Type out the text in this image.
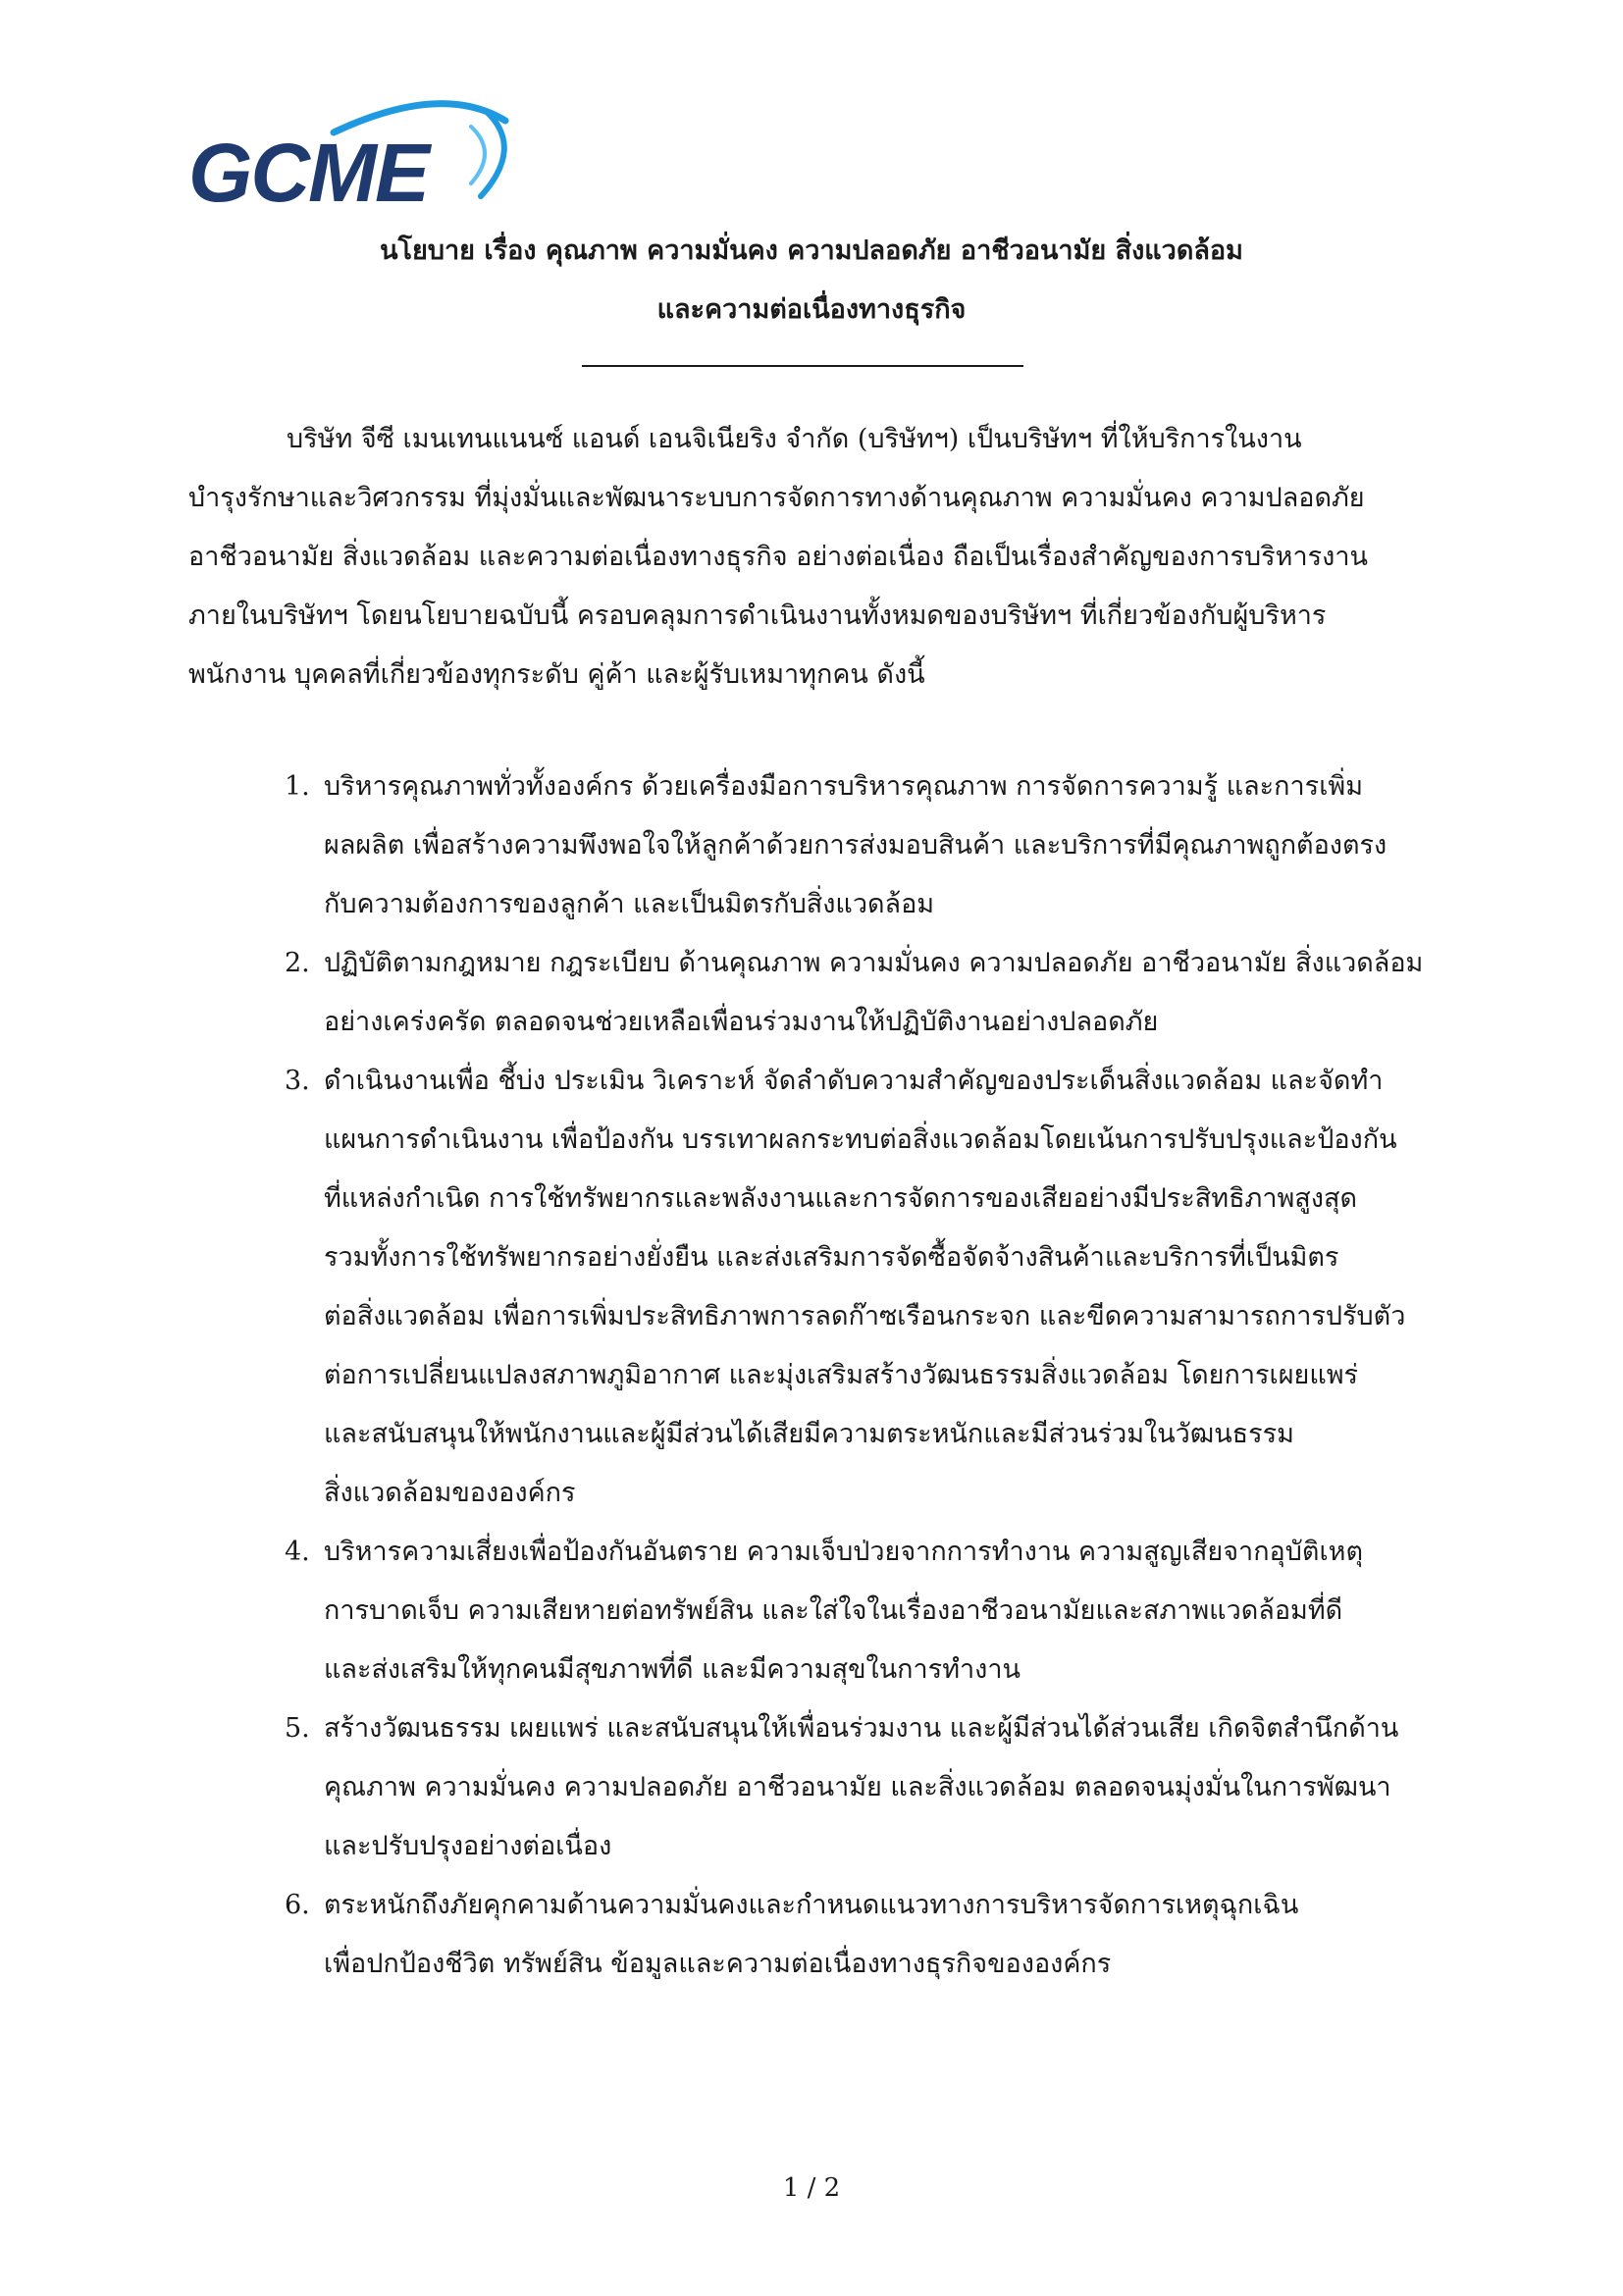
GCME
นโยบาย เรื่อง คุณภาพ ความมั่นคง ความปลอดภัย อาชีวอนามัย สิ่งแวดล้อม
และความต่อเนื่องทางธุรกิจ
บริษัท จีซี เมนเทนแนนซ์ แอนด์ เอนจิเนียริง จำกัด (บริษัทฯ) เป็นบริษัทฯ ที่ให้บริการในงาน
บำรุงรักษาและวิศวกรรม ที่มุ่งมั่นและพัฒนาระบบการจัดการทางด้านคุณภาพ ความมั่นคง ความปลอดภัย
อาชีวอนามัย สิ่งแวดล้อม และความต่อเนื่องทางธุรกิจ อย่างต่อเนื่อง ถือเป็นเรื่องสำคัญของการบริหารงาน
ภายในบริษัทฯ โดยนโยบายฉบับนี้ ครอบคลุมการดำเนินงานทั้งหมดของบริษัทฯ ที่เกี่ยวข้องกับผู้บริหาร
พนักงาน บุคคลที่เกี่ยวข้องทุกระดับ คู่ค้า และผู้รับเหมาทุกคน ดังนี้
1. บริหารคุณภาพทั่วทั้งองค์กร ด้วยเครื่องมือการบริหารคุณภาพ การจัดการความรู้ และการเพิ่ม
ผลผลิต เพื่อสร้างความพึงพอใจให้ลูกค้าด้วยการส่งมอบสินค้า และบริการที่มีคุณภาพถูกต้องตรง
กับความต้องการของลูกค้า และเป็นมิตรกับสิ่งแวดล้อม
2. ปฏิบัติตามกฎหมาย กฎระเบียบ ด้านคุณภาพ ความมั่นคง ความปลอดภัย อาชีวอนามัย สิ่งแวดล้อม
อย่างเคร่งครัด ตลอดจนช่วยเหลือเพื่อนร่วมงานให้ปฏิบัติงานอย่างปลอดภัย
3. ดำเนินงานเพื่อ ชี้บ่ง ประเมิน วิเคราะห์ จัดลำดับความสำคัญของประเด็นสิ่งแวดล้อม และจัดทำ
แผนการดำเนินงาน เพื่อป้องกัน บรรเทาผลกระทบต่อสิ่งแวดล้อมโดยเน้นการปรับปรุงและป้องกัน
ที่แหล่งกำเนิด การใช้ทรัพยากรและพลังงานและการจัดการของเสียอย่างมีประสิทธิภาพสูงสุด
รวมทั้งการใช้ทรัพยากรอย่างยั่งยืน และส่งเสริมการจัดซื้อจัดจ้างสินค้าและบริการที่เป็นมิตร
ต่อสิ่งแวดล้อม เพื่อการเพิ่มประสิทธิภาพการลดก๊าซเรือนกระจก และขีดความสามารถการปรับตัว
ต่อการเปลี่ยนแปลงสภาพภูมิอากาศ และมุ่งเสริมสร้างวัฒนธรรมสิ่งแวดล้อม โดยการเผยแพร่
และสนับสนุนให้พนักงานและผู้มีส่วนได้เสียมีความตระหนักและมีส่วนร่วมในวัฒนธรรม
สิ่งแวดล้อมขององค์กร
4. บริหารความเสี่ยงเพื่อป้องกันอันตราย ความเจ็บป่วยจากการทำงาน ความสูญเสียจากอุบัติเหตุ
การบาดเจ็บ ความเสียหายต่อทรัพย์สิน และใส่ใจในเรื่องอาชีวอนามัยและสภาพแวดล้อมที่ดี
และส่งเสริมให้ทุกคนมีสุขภาพที่ดี และมีความสุขในการทำงาน
5. สร้างวัฒนธรรม เผยแพร่ และสนับสนุนให้เพื่อนร่วมงาน และผู้มีส่วนได้ส่วนเสีย เกิดจิตสำนึกด้าน
คุณภาพ ความมั่นคง ความปลอดภัย อาชีวอนามัย และสิ่งแวดล้อม ตลอดจนมุ่งมั่นในการพัฒนา
และปรับปรุงอย่างต่อเนื่อง
6. ตระหนักถึงภัยคุกคามด้านความมั่นคงและกำหนดแนวทางการบริหารจัดการเหตุฉุกเฉิน
เพื่อปกป้องชีวิต ทรัพย์สิน ข้อมูลและความต่อเนื่องทางธุรกิจขององค์กร
1 / 2
